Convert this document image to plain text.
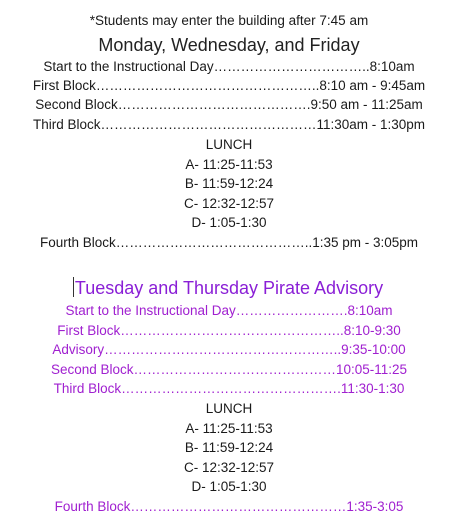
*Students may enter the building after 7:45 am
Monday, Wednesday, and Friday
Start to the Instructional Day……………………………..8:10am
First Block…………………………………………..8:10 am - 9:45am
Second Block…………………………………….9:50 am - 11:25am
Third Block…………………………………………11:30am - 1:30pm
LUNCH
A- 11:25-11:53
B- 11:59-12:24
C- 12:32-12:57
D- 1:05-1:30
Fourth Block……………………………………..1:35 pm - 3:05pm
Tuesday and Thursday Pirate Advisory
Start to the Instructional Day…………………….8:10am
First Block…………………………………………..8:10-9:30
Advisory……………………………………………..9:35-10:00
Second Block………………………………………10:05-11:25
Third Block………………………………………….11:30-1:30
LUNCH
A- 11:25-11:53
B- 11:59-12:24
C- 12:32-12:57
D- 1:05-1:30
Fourth Block…………………………………………1:35-3:05
